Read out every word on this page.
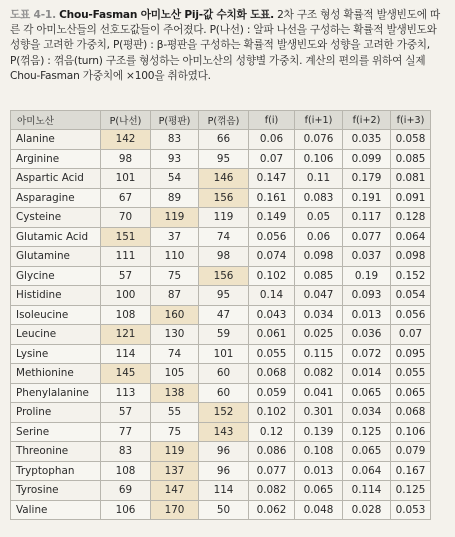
도표 4-1. Chou-Fasman 아미노산 Pij-값 수치화 도표. 2차 구조 형성 확률적 발생빈도에 따른 각 아미노산들의 선호도값들이 주어졌다. P(나선) : 알파 나선을 구성하는 확률적 발생빈도와 성향을 고려한 가중치, P(평판) : β-평판을 구성하는 확률적 발생빈도와 성향을 고려한 가중치, P(꺾음) : 꺾음(turn) 구조를 형성하는 아미노산의 성향별 가중치. 계산의 편의를 위하여 실제 Chou-Fasman 가중치에 ×100을 취하였다.
아미노산	P(나선)	P(평판)	P(꺾음)	f(i)	f(i+1)	f(i+2)	f(i+3)
Alanine	142	83	66	0.06	0.076	0.035	0.058
Arginine	98	93	95	0.07	0.106	0.099	0.085
Aspartic Acid	101	54	146	0.147	0.11	0.179	0.081
Asparagine	67	89	156	0.161	0.083	0.191	0.091
Cysteine	70	119	119	0.149	0.05	0.117	0.128
Glutamic Acid	151	37	74	0.056	0.06	0.077	0.064
Glutamine	111	110	98	0.074	0.098	0.037	0.098
Glycine	57	75	156	0.102	0.085	0.19	0.152
Histidine	100	87	95	0.14	0.047	0.093	0.054
Isoleucine	108	160	47	0.043	0.034	0.013	0.056
Leucine	121	130	59	0.061	0.025	0.036	0.07
Lysine	114	74	101	0.055	0.115	0.072	0.095
Methionine	145	105	60	0.068	0.082	0.014	0.055
Phenylalanine	113	138	60	0.059	0.041	0.065	0.065
Proline	57	55	152	0.102	0.301	0.034	0.068
Serine	77	75	143	0.12	0.139	0.125	0.106
Threonine	83	119	96	0.086	0.108	0.065	0.079
Tryptophan	108	137	96	0.077	0.013	0.064	0.167
Tyrosine	69	147	114	0.082	0.065	0.114	0.125
Valine	106	170	50	0.062	0.048	0.028	0.053
